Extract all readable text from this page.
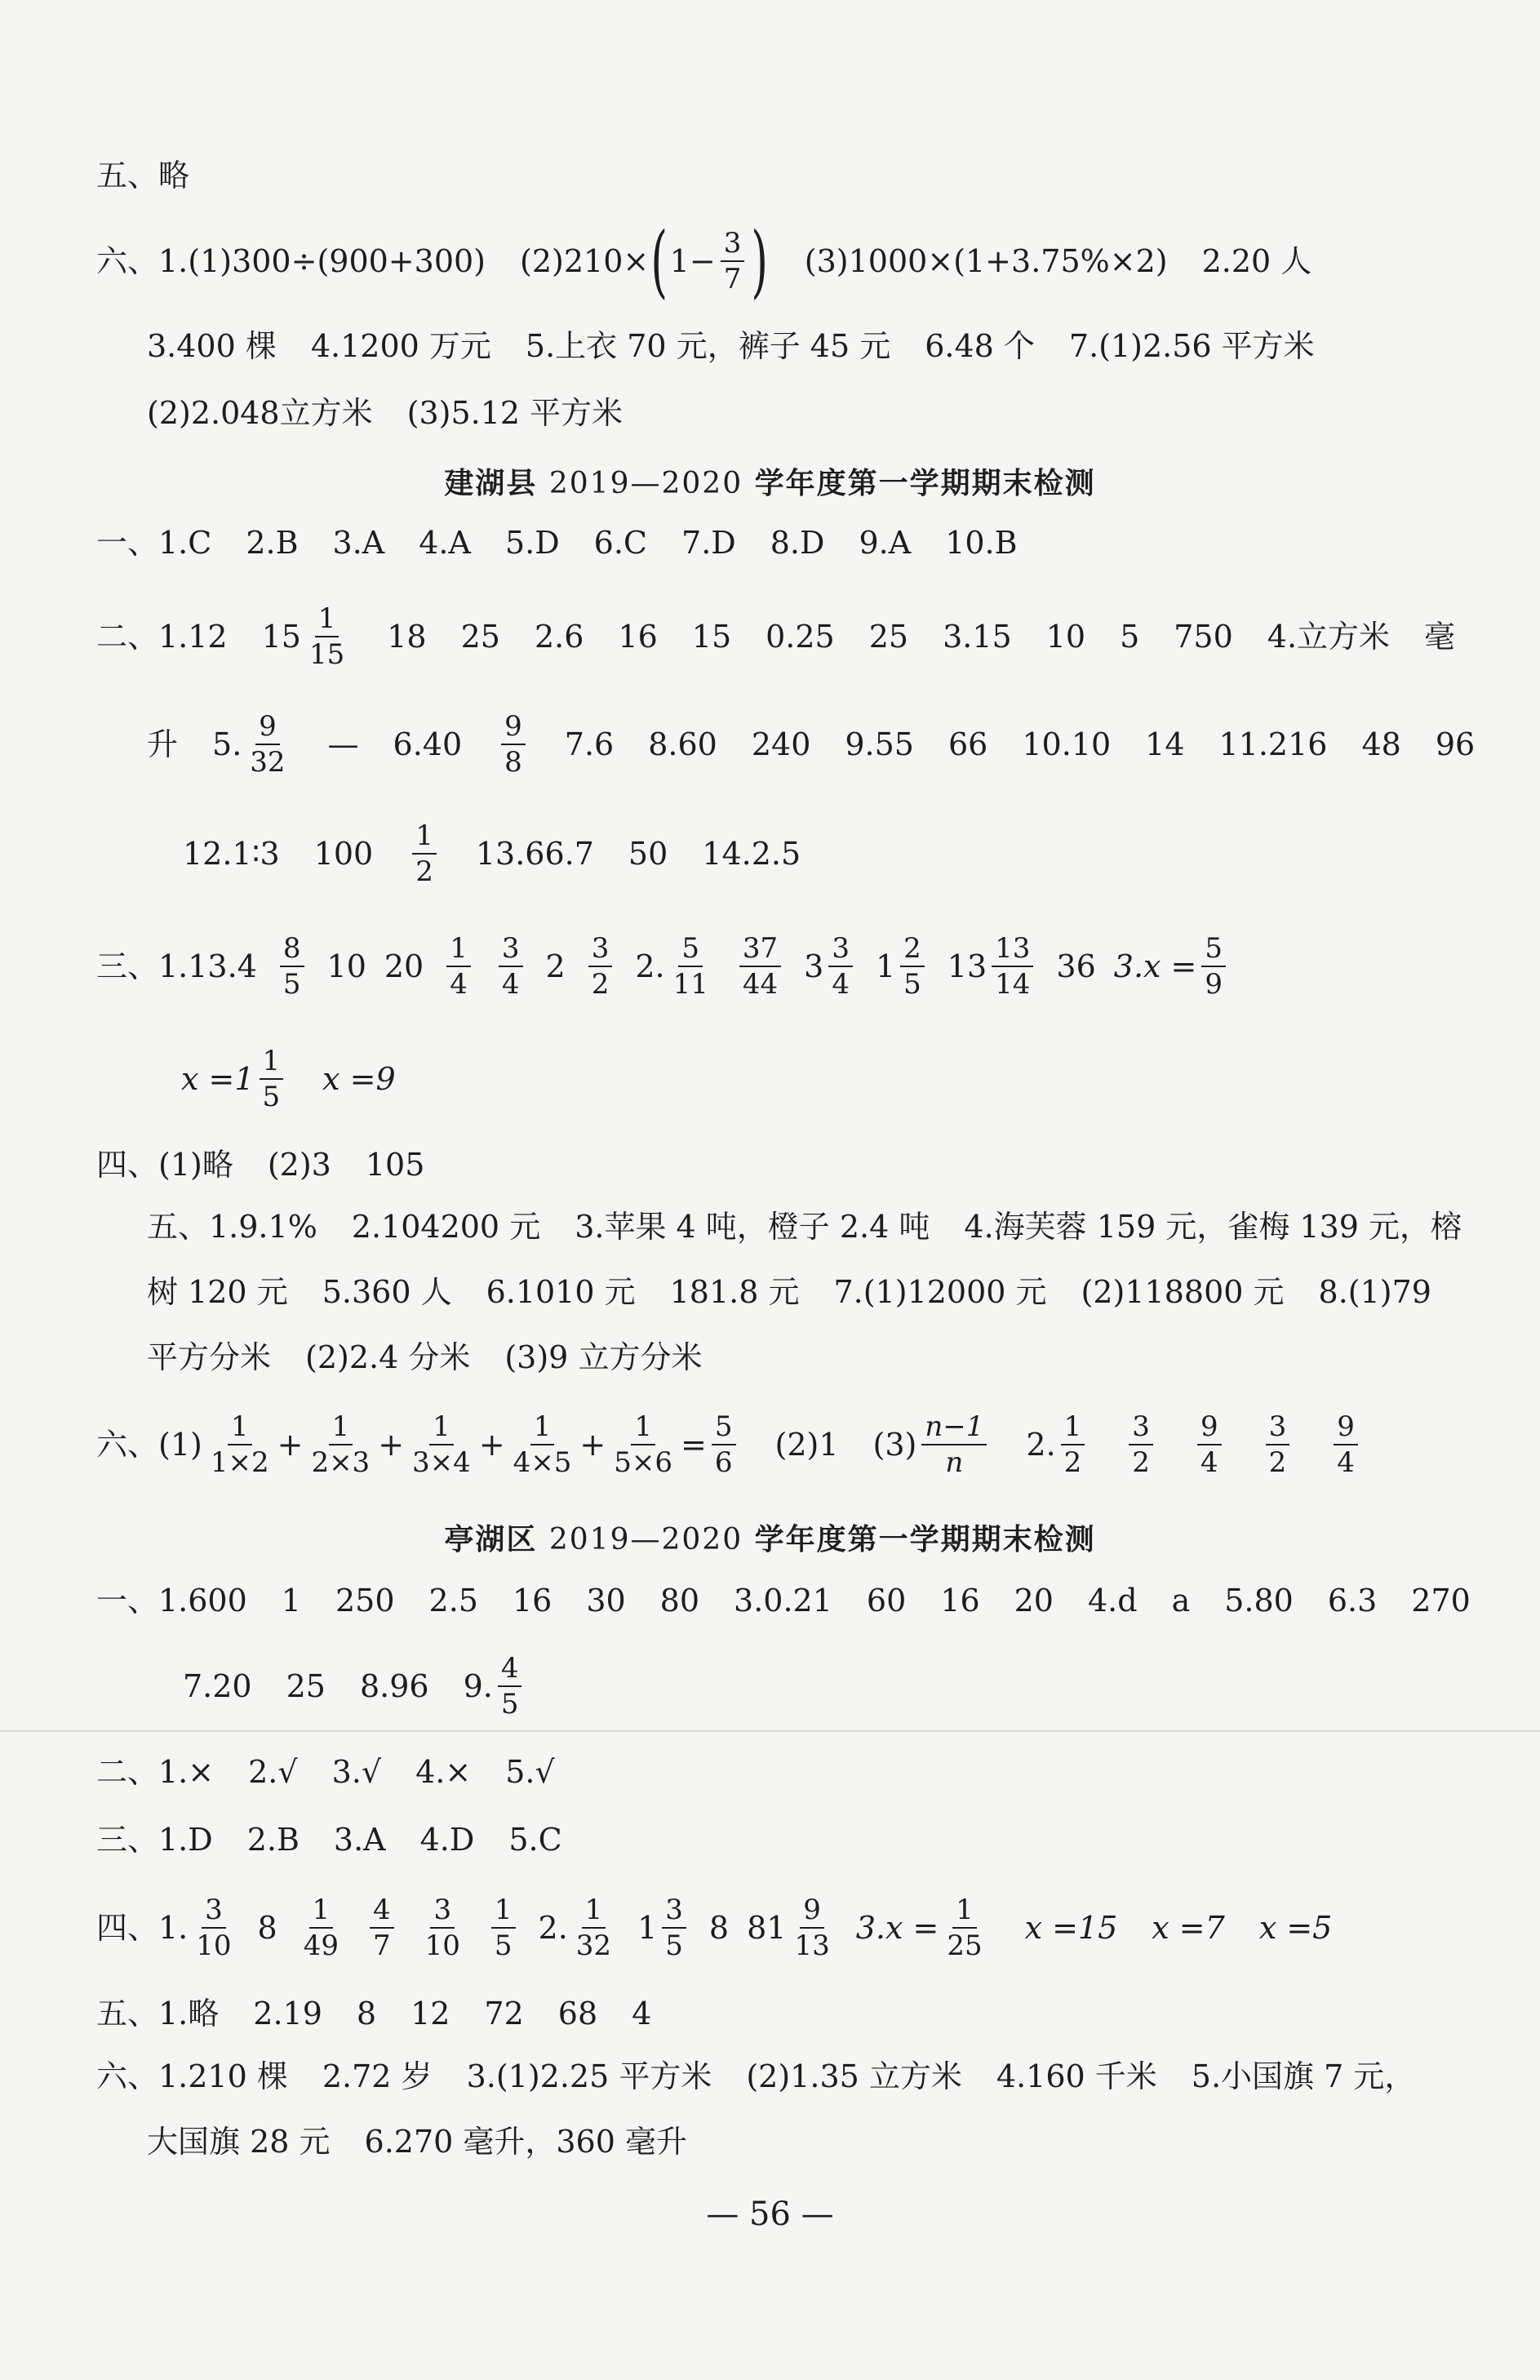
五、略
六、1.(1)300÷(900+300) (2)210× ( $1- \frac{3}{7}$ ) (3)1000×(1+3.75%×2) 2.20 人
3.400 棵 4.1200 万元 5.上衣 70 元，裤子 45 元 6.48 个 7.(1)2.56 平方米
(2)2.048立方米 (3)5.12 平方米
建湖县 2019—2020 学年度第一学期期末检测
一、1.C 2.B 3.A 4.A 5.D 6.C 7.D 8.D 9.A 10.B
二、1.12 $15 \frac{1}{15} 18$ 25 2.6 16 15 0.25 25 3.15 10 5 750 4.立方米 毫
升 5. $\frac{9}{32}$ — $6.40 \frac{9}{8} 7.6$ 8.60 240 9.55 66 10.10 14 11.216 48 96
12.1∶3 $100 \frac{1}{2} 13.66.7$ 50 14.2.5
三、$1.13.4 \frac{8}{5} 10$ $20 \frac{1}{4} \frac{3}{4} 2 \frac{3}{2} 2$. $\frac{5}{11} \frac{37}{44} 3 \frac{3}{4} 1 \frac{2}{5} 13 \frac{13}{14} 36$ $3.x = \frac{5}{9}$
$x =1 \frac{1}{5}$ x =9
四、(1)略 (2)3 105
五、1.9.1% 2.104200 元 3.苹果 4 吨，橙子 2.4 吨 4.海芙蓉 159 元，雀梅 139 元，榕
树 120 元 5.360 人 6.1010 元 181.8 元 7.(1)12000 元 (2)118800 元 8.(1)79
平方分米 (2)2.4 分米 (3)9 立方分米
六、$(1) \frac{1}{1\times 2} + \frac{1}{2\times 3} + \frac{1}{3\times 4} + \frac{1}{4\times 5} + \frac{1}{5\times 6} = \frac{5}{6} (2)1$ $(3) \frac{n-1}{n} 2$. $\frac{1}{2} \frac{3}{2} \frac{9}{4} \frac{3}{2} \frac{9}{4}$
亭湖区 2019—2020 学年度第一学期期末检测
一、1.600 1 250 2.5 16 30 80 3.0.21 60 16 20 4.d a 5.80 6.3 270
7.20 25 8.96 9. $\frac{4}{5}$
二、1.× 2.√ 3.√ 4.× 5.√
三、1.D 2.B 3.A 4.D 5.C
四、1. $\frac{3}{10} 8 \frac{1}{49} \frac{4}{7} \frac{3}{10} \frac{1}{5} 2$. $\frac{1}{32} 1 \frac{3}{5} 8$ $81 \frac{9}{13} 3.x = \frac{1}{25}$ x =15 x =7 x =5
五、1.略 2.19 8 12 72 68 4
六、1.210 棵 2.72 岁 3.(1)2.25 平方米 (2)1.35 立方米 4.160 千米 5.小国旗 7 元，
大国旗 28 元 6.270 毫升，360 毫升
— 56 —
